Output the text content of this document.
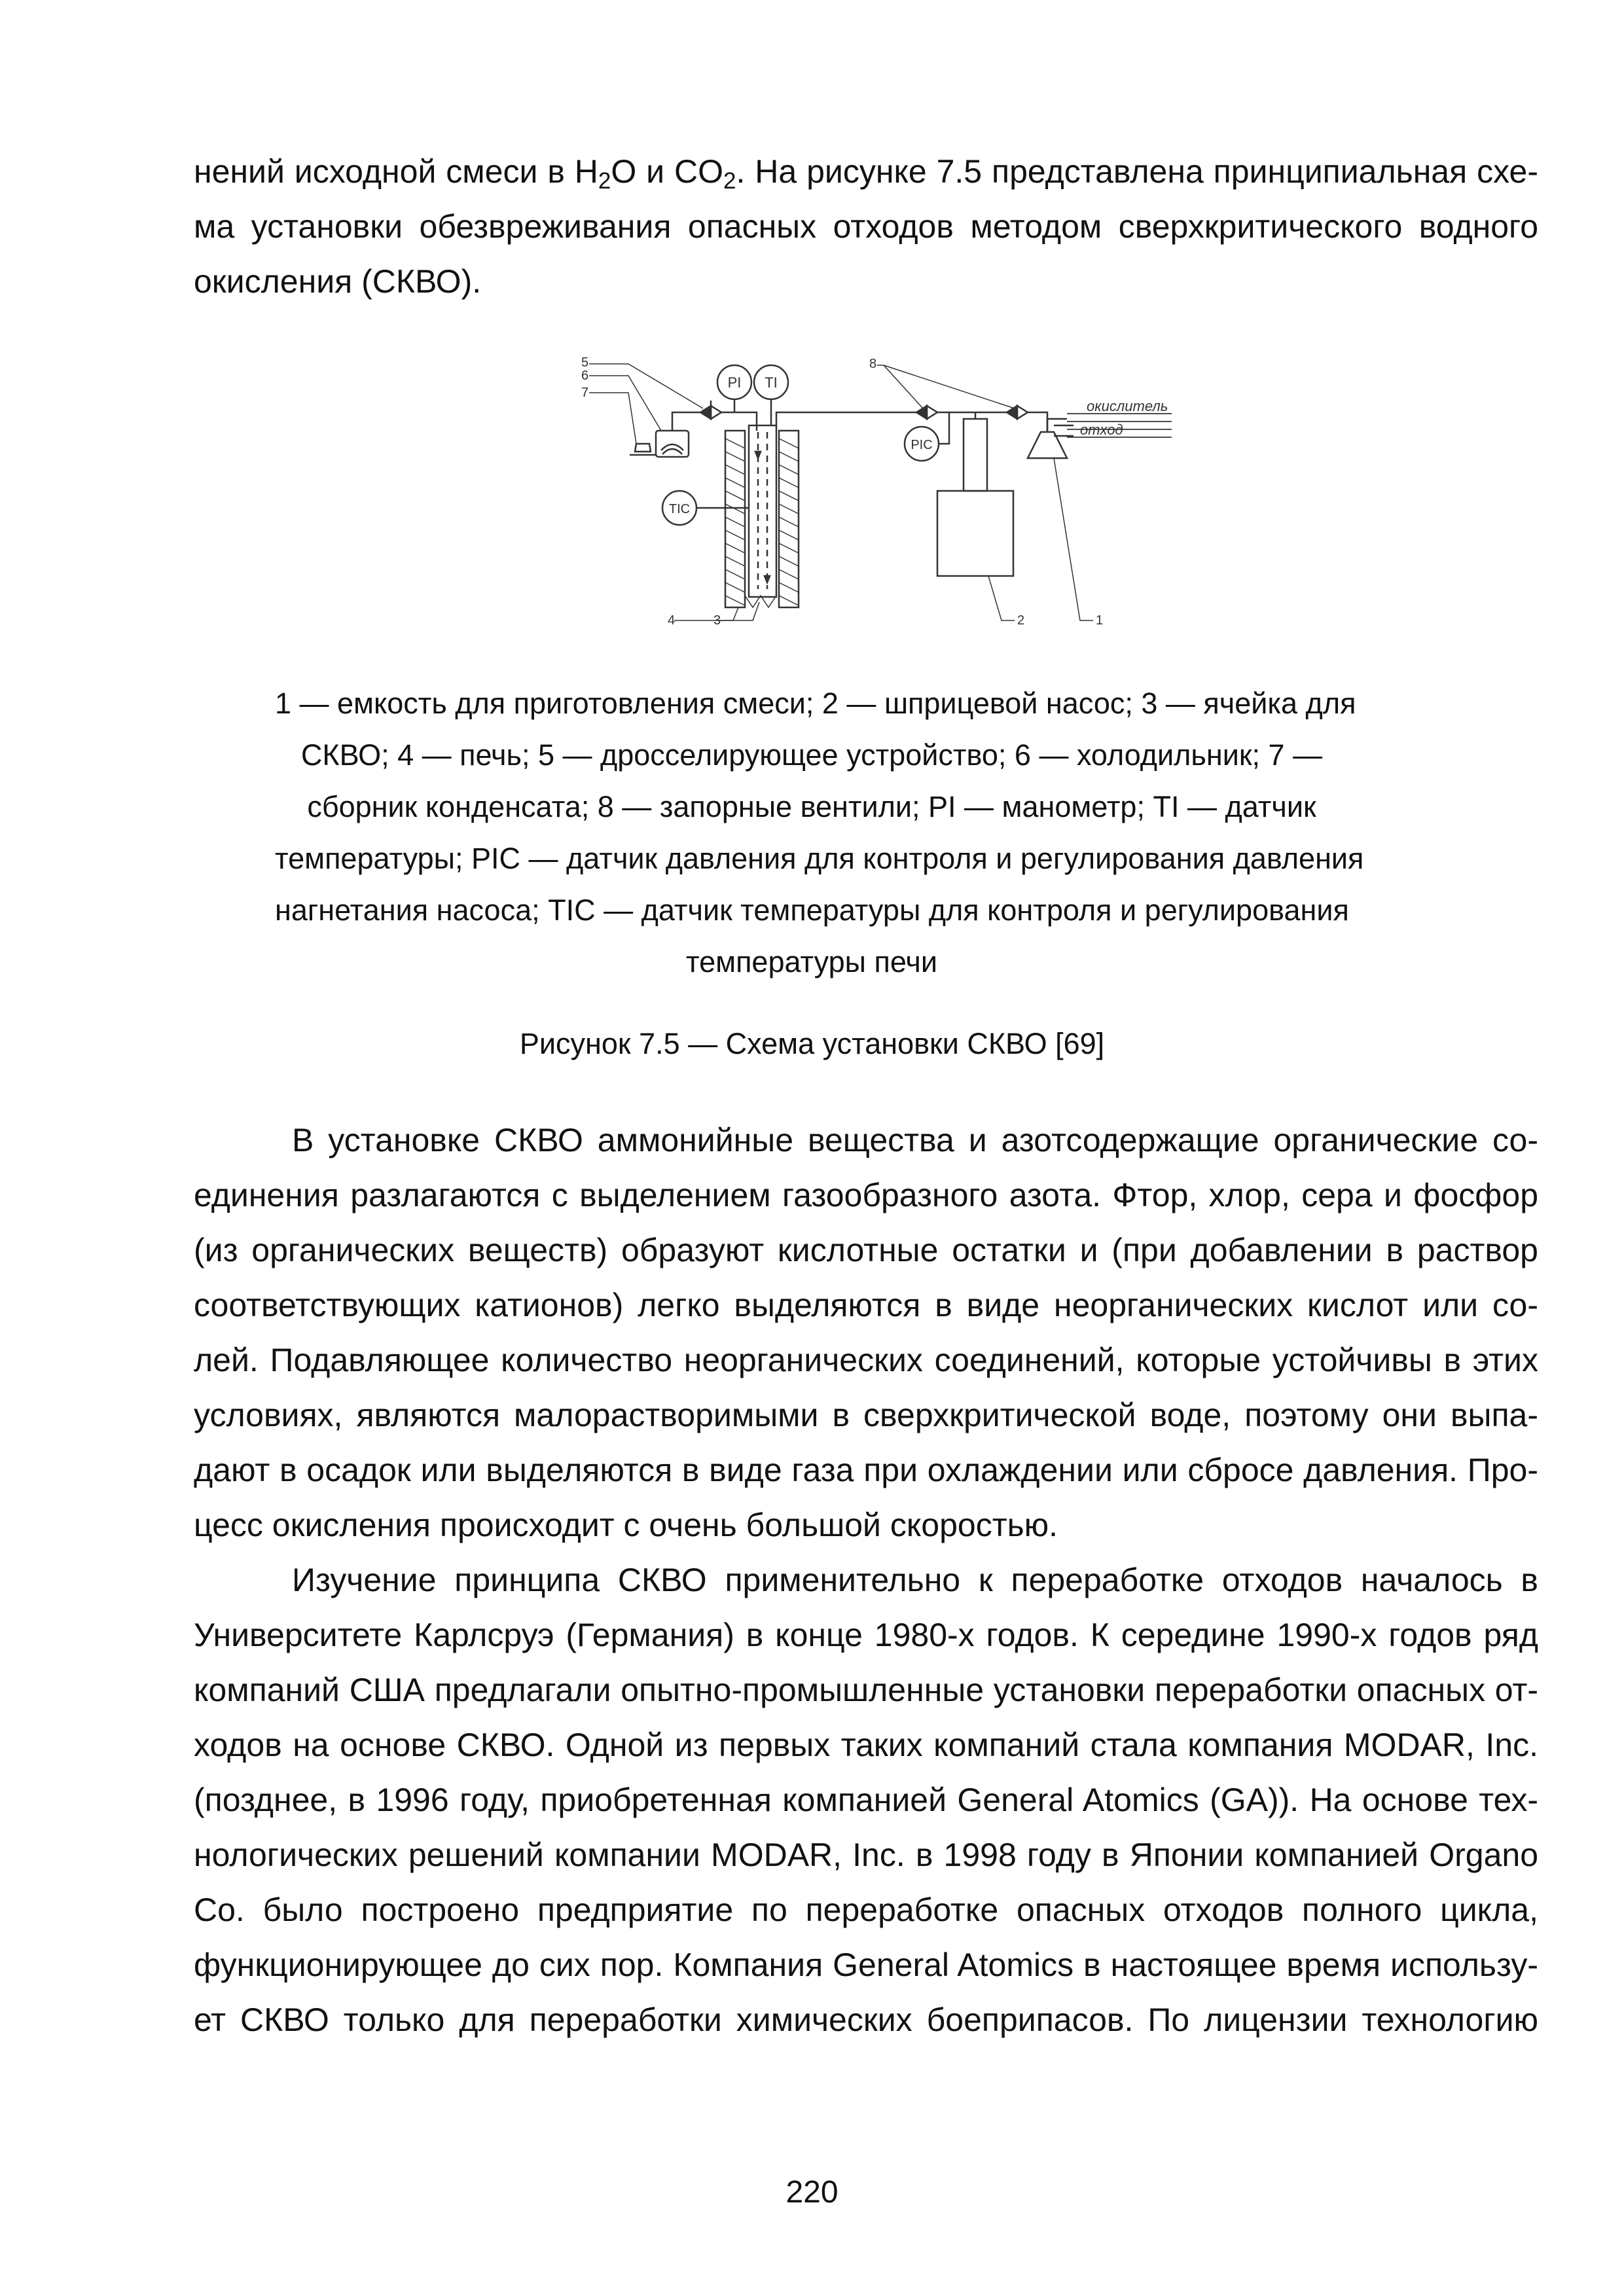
нений исходной смеси в $H_2O$ и $CO_2$. На рисунке 7.5 представлена принципиальная схе-
ма установки обезвреживания опасных отходов методом сверхкритического водного
окисления (СКВО).
PI TI
TIC
PIC
окислитель
отход
5
6
7
8
4	3	2	1
1 — емкость для приготовления смеси; 2 — шприцевой насос; 3 — ячейка для
СКВО; 4 — печь; 5 — дросселирующее устройство; 6 — холодильник; 7 —
сборник конденсата; 8 — запорные вентили; PI — манометр; TI — датчик
температуры; PIC — датчик давления для контроля и регулирования давления
нагнетания насоса; TIC — датчик температуры для контроля и регулирования
температуры печи

Рисунок 7.5 — Схема установки СКВО [69]

В установке СКВО аммонийные вещества и азотсодержащие органические со-
единения разлагаются с выделением газообразного азота. Фтор, хлор, сера и фосфор
(из органических веществ) образуют кислотные остатки и (при добавлении в раствор
соответствующих катионов) легко выделяются в виде неорганических кислот или со-
лей. Подавляющее количество неорганических соединений, которые устойчивы в этих
условиях, являются малорастворимыми в сверхкритической воде, поэтому они выпа-
дают в осадок или выделяются в виде газа при охлаждении или сбросе давления. Про-
цесс окисления происходит с очень большой скоростью.
Изучение принципа СКВО применительно к переработке отходов началось в
Университете Карлсруэ (Германия) в конце 1980-х годов. К середине 1990-х годов ряд
компаний США предлагали опытно-промышленные установки переработки опасных от-
ходов на основе СКВО. Одной из первых таких компаний стала компания MODAR, Inc.
(позднее, в 1996 году, приобретенная компанией General Atomics (GA)). На основе тех-
нологических решений компании MODAR, Inc. в 1998 году в Японии компанией Organo
Co. было построено предприятие по переработке опасных отходов полного цикла,
функционирующее до сих пор. Компания General Atomics в настоящее время использу-
ет СКВО только для переработки химических боеприпасов. По лицензии технологию

220
